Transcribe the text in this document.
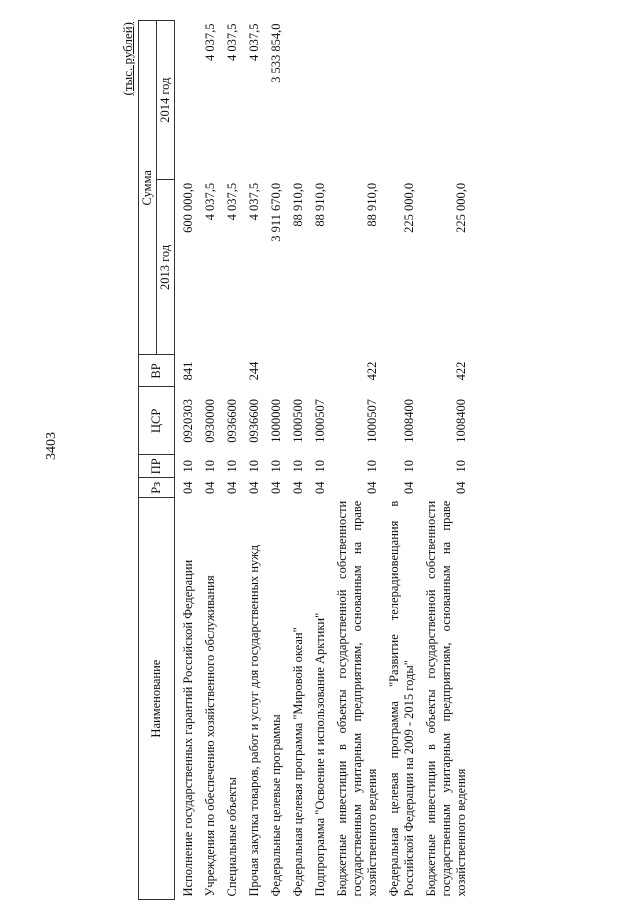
3403
(тыс. рублей)
Наименование	Рз	ПР	ЦСР	ВР	Сумма	
					2013 год	2014 год
Исполнение государственных гарантий Российской Федерации	04	10	0920303	841	600 000,0	
Учреждения по обеспечению хозяйственного обслуживания	04	10	0930000		4 037,5	4 037,5
Специальные объекты	04	10	0936600		4 037,5	4 037,5
Прочая закупка товаров, работ и услуг для государственных нужд	04	10	0936600	244	4 037,5	4 037,5
Федеральные целевые программы	04	10	1000000		3 911 670,0	3 533 854,0
Федеральная целевая программа "Мировой океан"	04	10	1000500		88 910,0	
Подпрограмма "Освоение и использование Арктики"	04	10	1000507		88 910,0	
Бюджетные инвестиции в объекты государственной собственности государственным унитарным предприятиям, основанным на праве хозяйственного ведения	04	10	1000507	422	88 910,0	
Федеральная целевая программа "Развитие телерадиовещания в Российской Федерации на 2009 - 2015 годы"	04	10	1008400		225 000,0	
Бюджетные инвестиции в объекты государственной собственности государственным унитарным предприятиям, основанным на праве хозяйственного ведения	04	10	1008400	422	225 000,0	
